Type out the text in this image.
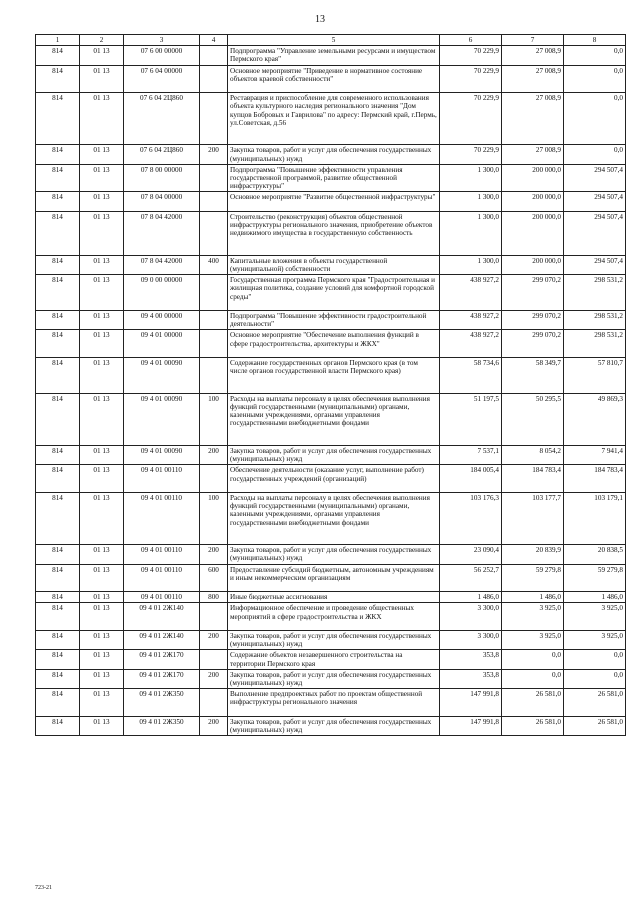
13
1	2	3	4	5	6	7	8
814	01 13	07 6 00 00000		Подпрограмма "Управление земельными ресурсами и имуществом Пермского края"	70 229,9	27 008,9	0,0
814	01 13	07 6 04 00000		Основное мероприятие "Приведение в нормативное состояние объектов краевой собственности"	70 229,9	27 008,9	0,0
814	01 13	07 6 04 2Ц860		Реставрация и приспособление для современного использования объекта культурного наследия регионального значения "Дом купцов Бобровых и Гаврилова" по адресу: Пермский край, г.Пермь, ул.Советская, д.56	70 229,9	27 008,9	0,0
814	01 13	07 6 04 2Ц860	200	Закупка товаров, работ и услуг для обеспечения государственных (муниципальных) нужд	70 229,9	27 008,9	0,0
814	01 13	07 8 00 00000		Подпрограмма "Повышение эффективности управления государственной программой, развитие общественной инфраструктуры"	1 300,0	200 000,0	294 507,4
814	01 13	07 8 04 00000		Основное мероприятие "Развитие общественной инфраструктуры"	1 300,0	200 000,0	294 507,4
814	01 13	07 8 04 42000		Строительство (реконструкция) объектов общественной инфраструктуры регионального значения, приобретение объектов недвижимого имущества в государственную собственность	1 300,0	200 000,0	294 507,4
814	01 13	07 8 04 42000	400	Капитальные вложения в объекты государственной (муниципальной) собственности	1 300,0	200 000,0	294 507,4
814	01 13	09 0 00 00000		Государственная программа Пермского края "Градостроительная и жилищная политика, создание условий для комфортной городской среды"	438 927,2	299 070,2	298 531,2
814	01 13	09 4 00 00000		Подпрограмма "Повышение эффективности градостроительной деятельности"	438 927,2	299 070,2	298 531,2
814	01 13	09 4 01 00000		Основное мероприятие "Обеспечение выполнения функций в сфере градостроительства, архитектуры и ЖКХ"	438 927,2	299 070,2	298 531,2
814	01 13	09 4 01 00090		Содержание государственных органов Пермского края (в том числе органов государственной власти Пермского края)	58 734,6	58 349,7	57 810,7
814	01 13	09 4 01 00090	100	Расходы на выплаты персоналу в целях обеспечения выполнения функций государственными (муниципальными) органами, казенными учреждениями, органами управления государственными внебюджетными фондами	51 197,5	50 295,5	49 869,3
814	01 13	09 4 01 00090	200	Закупка товаров, работ и услуг для обеспечения государственных (муниципальных) нужд	7 537,1	8 054,2	7 941,4
814	01 13	09 4 01 00110		Обеспечение деятельности (оказание услуг, выполнение работ) государственных учреждений (организаций)	184 005,4	184 783,4	184 783,4
814	01 13	09 4 01 00110	100	Расходы на выплаты персоналу в целях обеспечения выполнения функций государственными (муниципальными) органами, казенными учреждениями, органами управления государственными внебюджетными фондами	103 176,3	103 177,7	103 179,1
814	01 13	09 4 01 00110	200	Закупка товаров, работ и услуг для обеспечения государственных (муниципальных) нужд	23 090,4	20 839,9	20 838,5
814	01 13	09 4 01 00110	600	Предоставление субсидий бюджетным, автономным учреждениям и иным некоммерческим организациям	56 252,7	59 279,8	59 279,8
814	01 13	09 4 01 00110	800	Иные бюджетные ассигнования	1 486,0	1 486,0	1 486,0
814	01 13	09 4 01 2Ж140		Информационное обеспечение и проведение общественных мероприятий в сфере градостроительства и ЖКХ	3 300,0	3 925,0	3 925,0
814	01 13	09 4 01 2Ж140	200	Закупка товаров, работ и услуг для обеспечения государственных (муниципальных) нужд	3 300,0	3 925,0	3 925,0
814	01 13	09 4 01 2Ж170		Содержание объектов незавершенного строительства на территории Пермского края	353,8	0,0	0,0
814	01 13	09 4 01 2Ж170	200	Закупка товаров, работ и услуг для обеспечения государственных (муниципальных) нужд	353,8	0,0	0,0
814	01 13	09 4 01 2Ж350		Выполнение предпроектных работ по проектам общественной инфраструктуры регионального значения	147 991,8	26 581,0	26 581,0
814	01 13	09 4 01 2Ж350	200	Закупка товаров, работ и услуг для обеспечения государственных (муниципальных) нужд	147 991,8	26 581,0	26 581,0
723-21
